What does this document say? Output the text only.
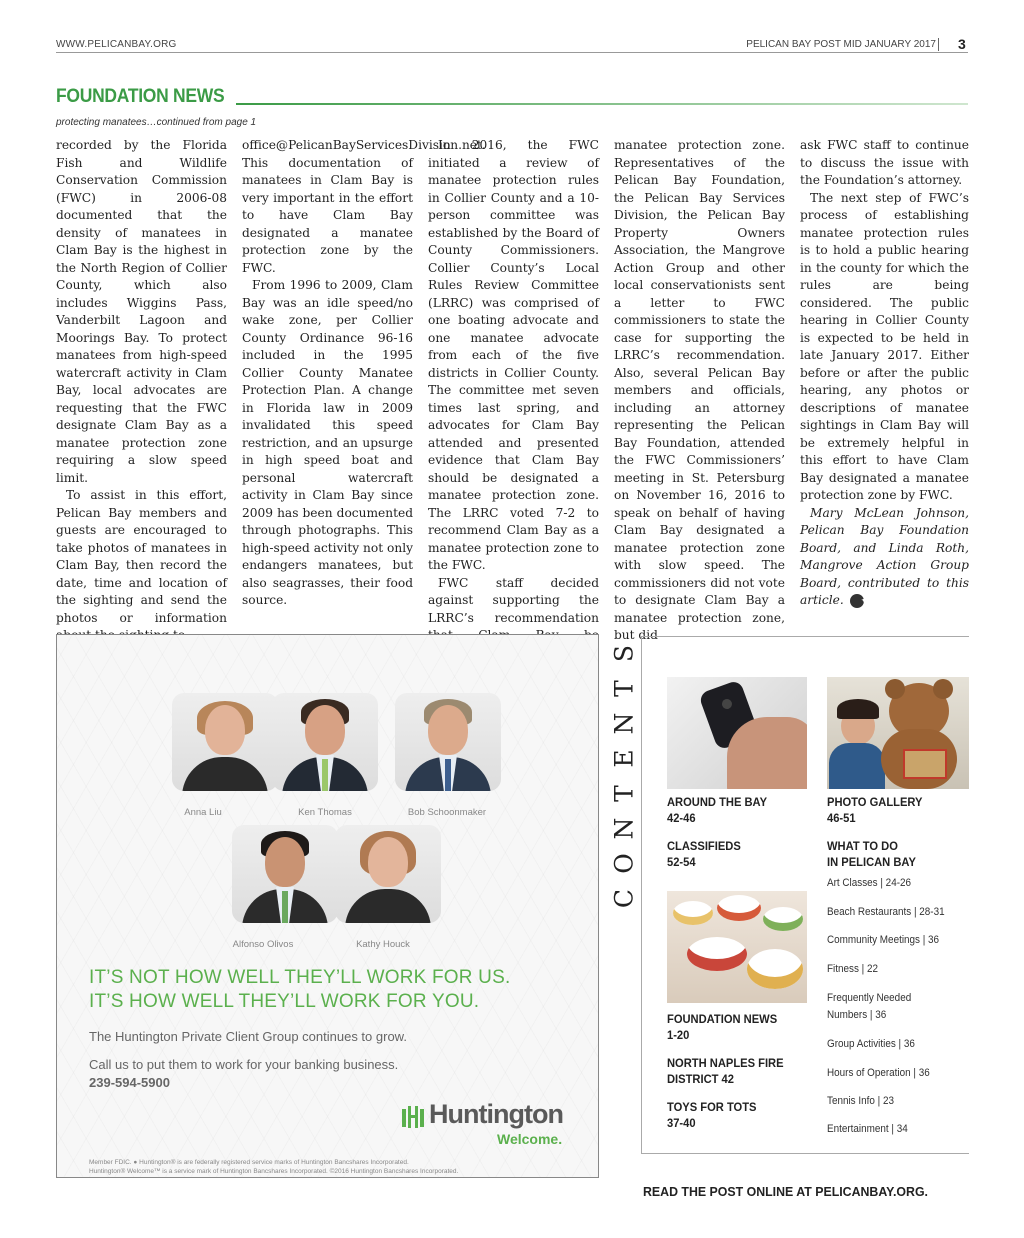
WWW.PELICANBAY.ORG	PELICAN BAY POST MID JANUARY 2017 3
FOUNDATION NEWS
protecting manatees…continued from page 1

recorded by the Florida Fish and Wildlife Conservation Commission (FWC) in 2006-08 documented that the density of manatees in Clam Bay is the highest in the North Region of Collier County, which also includes Wiggins Pass, Vanderbilt Lagoon and Moorings Bay. To protect manatees from high-speed watercraft activity in Clam Bay, local advocates are requesting that the FWC designate Clam Bay as a manatee protection zone requiring a slow speed limit.

To assist in this effort, Pelican Bay members and guests are encouraged to take photos of manatees in Clam Bay, then record the date, time and location of the sighting and send the photos or information

office@PelicanBayServicesDivision.net. This documentation of manatees in Clam Bay is very important in the effort to have Clam Bay designated a manatee protection zone by the FWC.

From 1996 to 2009, Clam Bay was an idle speed/no wake zone, per Collier County Ordinance 96-16 included in the 1995 Collier County Manatee Protection Plan. A change in Florida law in 2009 invalidated this speed restriction, and an upsurge in high speed boat and personal watercraft activity in Clam Bay since 2009 has been documented through photographs. This high-speed activity not only endangers manatees, but also seagrasses, their food source.

In 2016, the FWC initiated a review of manatee protection rules in Collier County and a 10-person committee was established by the Board of County Commissioners. Collier County’s Local Rules Review Committee (LRRC) was comprised of one boating advocate and one manatee advocate from each of the five districts in Collier County. The committee met seven times last spring, and advocates for Clam Bay attended and presented evidence that Clam Bay should be designated a manatee protection zone. The LRRC voted 7-2 to recommend Clam Bay as a manatee protection zone to the FWC.

FWC staff decided against supporting the LRRC’s recommendation

manatee protection zone. Representatives of the Pelican Bay Foundation, the Pelican Bay Services Division, the Pelican Bay Property Owners Association, the Mangrove Action Group and other local conservationists sent a letter to FWC commissioners to state the case for supporting the LRRC’s recommendation. Also, several Pelican Bay members and officials, including an attorney representing the Pelican Bay Foundation, attended the FWC Commissioners’ meeting in St. Petersburg on November 16, 2016 to speak on behalf of having Clam Bay designated a manatee protection zone with slow speed. The commissioners did not vote to designate Clam Bay a manatee protection zone, but did

ask FWC staff to continue to discuss the issue with the Foundation’s attorney.

The next step of FWC’s process of establishing manatee protection rules is to hold a public hearing in the county for which the rules are being considered. The public hearing in Collier County is expected to be held in late January 2017. Either before or after the public hearing, any photos or descriptions of manatee sightings in Clam Bay will be extremely helpful in this effort to have Clam Bay designated a manatee protection zone by FWC.

Mary McLean Johnson, Pelican Bay Foundation Board, and Linda Roth, Mangrove Action Group Board, contributed to this article. ✦

Anna Liu	Ken Thomas	Bob Schoonmaker
Alfonso Olivos	Kathy Houck
IT’S NOT HOW WELL THEY’LL WORK FOR US.
IT’S HOW WELL THEY’LL WORK FOR YOU.
The Huntington Private Client Group continues to grow.
Call us to put them to work for your banking business.
239-594-5900
Huntington
Welcome.
Member FDIC. ● Huntington® is are federally registered service marks of Huntington Bancshares Incorporated.
Huntington® Welcome™ is a service mark of Huntington Bancshares Incorporated. ©2016 Huntington Bancshares Incorporated.
S
T
N
E
T
N
O
C
AROUND THE BAY
42-46
CLASSIFIEDS
52-54
FOUNDATION NEWS
1-20
NORTH NAPLES FIRE
DISTRICT 42
TOYS FOR TOTS
37-40
PHOTO GALLERY
46-51
WHAT TO DO
IN PELICAN BAY
Art Classes | 24-26
Beach Restaurants | 28-31
Community Meetings | 36
Fitness | 22
Frequently Needed
Numbers | 36
Group Activities | 36
Hours of Operation | 36
Tennis Info | 23
Entertainment | 34
READ THE POST ONLINE AT PELICANBAY.ORG.
